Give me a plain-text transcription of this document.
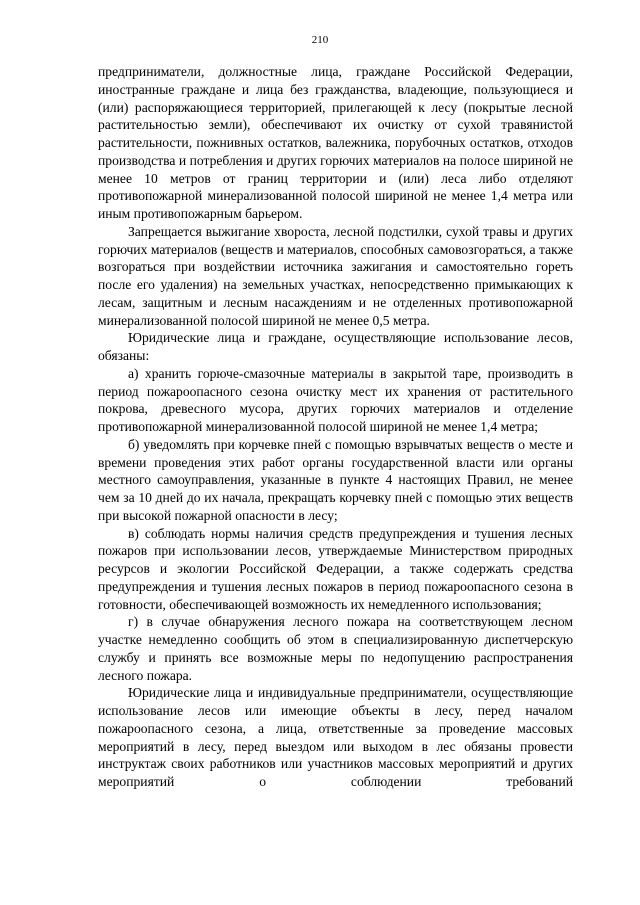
210

предприниматели, должностные лица, граждане Российской Федерации, иностранные граждане и лица без гражданства, владеющие, пользующиеся и (или) распоряжающиеся территорией, прилегающей к лесу (покрытые лесной растительностью земли), обеспечивают их очистку от сухой травянистой растительности, пожнивных остатков, валежника, порубочных остатков, отходов производства и потребления и других горючих материалов на полосе шириной не менее 10 метров от границ территории и (или) леса либо отделяют противопожарной минерализованной полосой шириной не менее 1,4 метра или иным противопожарным барьером.

Запрещается выжигание хвороста, лесной подстилки, сухой травы и других горючих материалов (веществ и материалов, способных самовозгораться, а также возгораться при воздействии источника зажигания и самостоятельно гореть после его удаления) на земельных участках, непосредственно примыкающих к лесам, защитным и лесным насаждениям и не отделенных противопожарной минерализованной полосой шириной не менее 0,5 метра.

Юридические лица и граждане, осуществляющие использование лесов, обязаны:

а) хранить горюче-смазочные материалы в закрытой таре, производить в период пожароопасного сезона очистку мест их хранения от растительного покрова, древесного мусора, других горючих материалов и отделение противопожарной минерализованной полосой шириной не менее 1,4 метра;

б) уведомлять при корчевке пней с помощью взрывчатых веществ о месте и времени проведения этих работ органы государственной власти или органы местного самоуправления, указанные в пункте 4 настоящих Правил, не менее чем за 10 дней до их начала, прекращать корчевку пней с помощью этих веществ при высокой пожарной опасности в лесу;

в) соблюдать нормы наличия средств предупреждения и тушения лесных пожаров при использовании лесов, утверждаемые Министерством природных ресурсов и экологии Российской Федерации, а также содержать средства предупреждения и тушения лесных пожаров в период пожароопасного сезона в готовности, обеспечивающей возможность их немедленного использования;

г) в случае обнаружения лесного пожара на соответствующем лесном участке немедленно сообщить об этом в специализированную диспетчерскую службу и принять все возможные меры по недопущению распространения лесного пожара.

Юридические лица и индивидуальные предприниматели, осуществляющие использование лесов или имеющие объекты в лесу, перед началом пожароопасного сезона, а лица, ответственные за проведение массовых мероприятий в лесу, перед выездом или выходом в лес обязаны провести инструктаж своих работников или участников массовых мероприятий и других мероприятий о соблюдении требований
